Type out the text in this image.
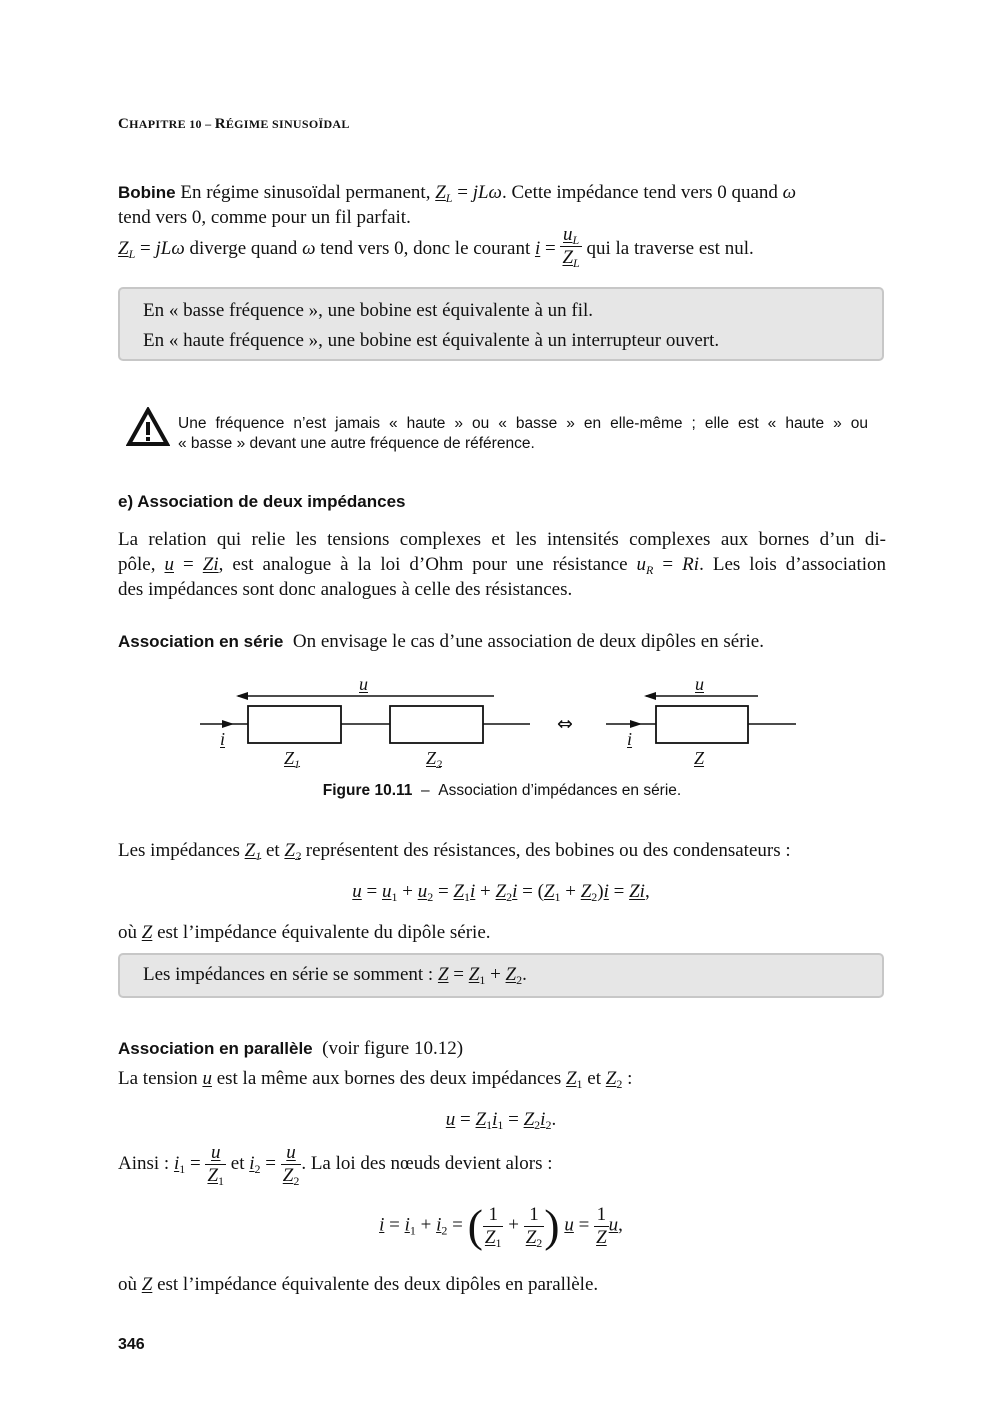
CHAPITRE 10 – RÉGIME SINUSOÏDAL
Bobine En régime sinusoïdal permanent, $Z_L = jL\omega$. Cette impédance tend vers 0 quand ω
tend vers 0, comme pour un fil parfait.
$Z_L = jL\omega$ diverge quand ω tend vers 0, donc le courant $i = \frac{u_L}{Z_L}$ qui la traverse est nul.
En « basse fréquence », une bobine est équivalente à un fil.
En « haute fréquence », une bobine est équivalente à un interrupteur ouvert.
Une fréquence n’est jamais « haute » ou « basse » en elle-même ; elle est « haute » ou
« basse » devant une autre fréquence de référence.
e) Association de deux impédances
La relation qui relie les tensions complexes et les intensités complexes aux bornes d’un di-
pôle, u = Zi, est analogue à la loi d’Ohm pour une résistance $u_R = Ri$. Les lois d’association
des impédances sont donc analogues à celle des résistances.
Association en série On envisage le cas d’une association de deux dipôles en série.
u	u
i	i
$Z_1$	$Z_2$	Z
⇔
Figure 10.11  –  Association d’impédances en série.
Les impédances $Z_1$ et $Z_2$ représentent des résistances, des bobines ou des condensateurs :
$u = u_1 + u_2 = Z_1i + Z_2i = (Z_1 + Z_2)i = Zi$,
où Z est l’impédance équivalente du dipôle série.
Les impédances en série se somment : $Z = Z_1 + Z_2$.
Association en parallèle (voir figure 10.12)
La tension u est la même aux bornes des deux impédances $Z_1$ et $Z_2$ :
$u = Z_1i_1 = Z_2i_2$.
Ainsi : $i_1 = \frac{u}{Z_1}$ et $i_2 = \frac{u}{Z_2}$ . La loi des nœuds devient alors :
$i = i_1 + i_2$ = ( $\frac{1}{Z_1} + \frac{1}{Z_2}$ ) $u = \frac{1}{Z} u$,
où Z est l’impédance équivalente des deux dipôles en parallèle.
346
